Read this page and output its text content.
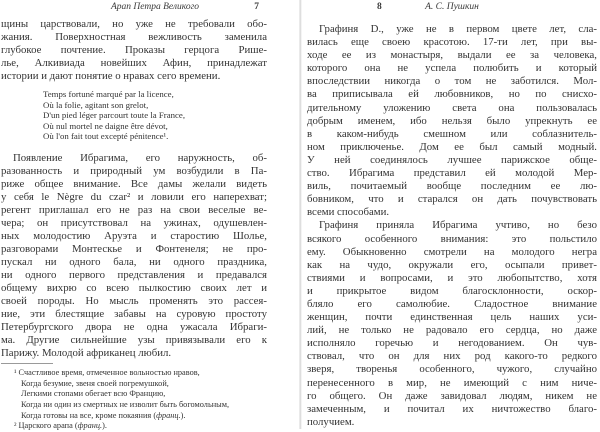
Арап Петра Великого	7
щины царствовали, но уже не требовали обо-
жания. Поверхностная вежливость заменила
глубокое почтение. Проказы герцога Рише-
лье, Алкивиада новейших Афин, принадлежат
истории и дают понятие о нравах сего времени.
Temps fortuné marqué par la licence,
Où la folie, agitant son grelot,
D'un pied léger parcourt toute la France,
Où nul mortel ne daigne être dévot,
Où l'on fait tout excepté pénitence¹.
Появление Ибрагима, его наружность, об-
разованность и природный ум возбудили в Па-
риже общее внимание. Все дамы желали видеть
у себя le Nègre du czar² и ловили его наперехват;
регент приглашал его не раз на свои веселые ве-
чера; он присутствовал на ужинах, одушевлен-
ных молодостию Аруэта и старостию Шолье,
разговорами Монтескье и Фонтенеля; не про-
пускал ни одного бала, ни одного праздника,
ни одного первого представления и предавался
общему вихрю со всею пылкостию своих лет и
своей породы. Но мысль променять это рассея-
ние, эти блестящие забавы на суровую простоту
Петербургского двора не одна ужасала Ибраги-
ма. Другие сильнейшие узы привязывали его к
Парижу. Молодой африканец любил.
¹ Счастливое время, отмеченное вольностью нравов,
Когда безумие, звеня своей погремушкой,
Легкими стопами обегает всю Францию,
Когда ни один из смертных не изволит быть богомольным,
Когда готовы на все, кроме покаяния (франц.).
² Царского арапа (франц.).
8	А. С. Пушкин
Графиня D., уже не в первом цвете лет, сла-
вилась еще своею красотою. 17-ти лет, при вы-
ходе ее из монастыря, выдали ее за человека,
которого она не успела полюбить и который
впоследствии никогда о том не заботился. Мол-
ва приписывала ей любовников, но по снисхо-
дительному уложению света она пользовалась
добрым именем, ибо нельзя было упрекнуть ее
в каком-нибудь смешном или соблазнитель-
ном приключенье. Дом ее был самый модный.
У ней соединялось лучшее парижское обще-
ство. Ибрагима представил ей молодой Мер-
виль, почитаемый вообще последним ее лю-
бовником, что и старался он дать почувствовать
всеми способами.
Графиня приняла Ибрагима учтиво, но безо
всякого особенного внимания: это польстило
ему. Обыкновенно смотрели на молодого негра
как на чудо, окружали его, осыпали привет-
ствиями и вопросами, и это любопытство, хотя
и прикрытое видом благосклонности, оскор-
бляло его самолюбие. Сладостное внимание
женщин, почти единственная цель наших уси-
лий, не только не радовало его сердца, но даже
исполняло горечью и негодованием. Он чув-
ствовал, что он для них род какого-то редкого
зверя, творенья особенного, чужого, случайно
перенесенного в мир, не имеющий с ним ниче-
го общего. Он даже завидовал людям, никем не
замеченным, и почитал их ничтожество благо-
получием.
